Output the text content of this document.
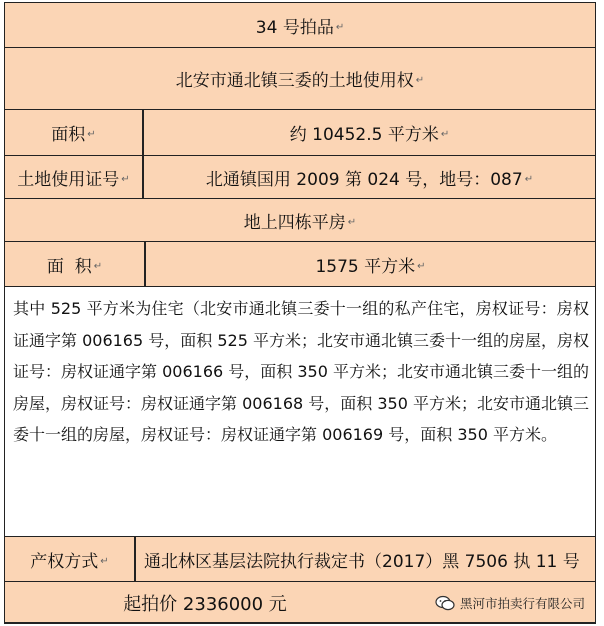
34 号拍品 ↵
北安市通北镇三委的土地使用权 ↵
面积 ↵	约 10452.5 平方米 ↵
土地使用证号 ↵	北通镇国用 2009 第 024 号，地号：087 ↵
地上四栋平房 ↵
面  积 ↵	1575 平方米 ↵
其中 525 平方米为住宅（北安市通北镇三委十一组的私产住宅，房权证号：房权证通字第 006165 号，面积 525 平方米；北安市通北镇三委十一组的房屋，房权证号：房权证通字第 006166 号，面积 350 平方米；北安市通北镇三委十一组的房屋，房权证号：房权证通字第 006168 号，面积 350 平方米；北安市通北镇三委十一组的房屋，房权证号：房权证通字第 006169 号，面积 350 平方米。
产权方式 ↵ 通北林区基层法院执行裁定书（2017）黑 7506 执 11 号
起拍价 2336000 元	黑河市拍卖行有限公司
